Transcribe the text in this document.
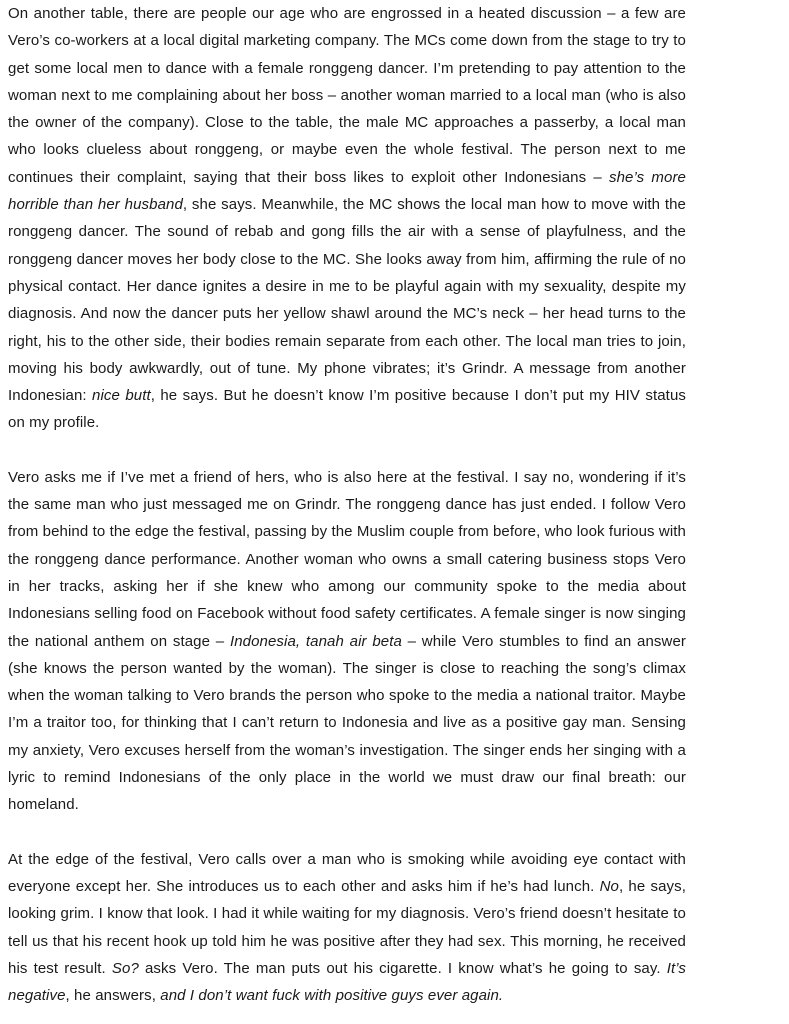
On another table, there are people our age who are engrossed in a heated discussion – a few are Vero’s co-workers at a local digital marketing company. The MCs come down from the stage to try to get some local men to dance with a female ronggeng dancer. I’m pretending to pay attention to the woman next to me complaining about her boss – another woman married to a local man (who is also the owner of the company). Close to the table, the male MC approaches a passerby, a local man who looks clueless about ronggeng, or maybe even the whole festival. The person next to me continues their complaint, saying that their boss likes to exploit other Indonesians – she’s more horrible than her husband, she says. Meanwhile, the MC shows the local man how to move with the ronggeng dancer. The sound of rebab and gong fills the air with a sense of playfulness, and the ronggeng dancer moves her body close to the MC. She looks away from him, affirming the rule of no physical contact. Her dance ignites a desire in me to be playful again with my sexuality, despite my diagnosis. And now the dancer puts her yellow shawl around the MC’s neck – her head turns to the right, his to the other side, their bodies remain separate from each other. The local man tries to join, moving his body awkwardly, out of tune. My phone vibrates; it’s Grindr. A message from another Indonesian: nice butt, he says. But he doesn’t know I’m positive because I don’t put my HIV status on my profile.

Vero asks me if I’ve met a friend of hers, who is also here at the festival. I say no, wondering if it’s the same man who just messaged me on Grindr. The ronggeng dance has just ended. I follow Vero from behind to the edge the festival, passing by the Muslim couple from before, who look furious with the ronggeng dance performance. Another woman who owns a small catering business stops Vero in her tracks, asking her if she knew who among our community spoke to the media about Indonesians selling food on Facebook without food safety certificates. A female singer is now singing the national anthem on stage – Indonesia, tanah air beta – while Vero stumbles to find an answer (she knows the person wanted by the woman). The singer is close to reaching the song’s climax when the woman talking to Vero brands the person who spoke to the media a national traitor. Maybe I’m a traitor too, for thinking that I can’t return to Indonesia and live as a positive gay man. Sensing my anxiety, Vero excuses herself from the woman’s investigation. The singer ends her singing with a lyric to remind Indonesians of the only place in the world we must draw our final breath: our homeland.

At the edge of the festival, Vero calls over a man who is smoking while avoiding eye contact with everyone except her. She introduces us to each other and asks him if he’s had lunch. No, he says, looking grim. I know that look. I had it while waiting for my diagnosis. Vero’s friend doesn’t hesitate to tell us that his recent hook up told him he was positive after they had sex. This morning, he received his test result. So? asks Vero. The man puts out his cigarette. I know what’s he going to say. It’s negative, he answers, and I don’t want fuck with positive guys ever again.
